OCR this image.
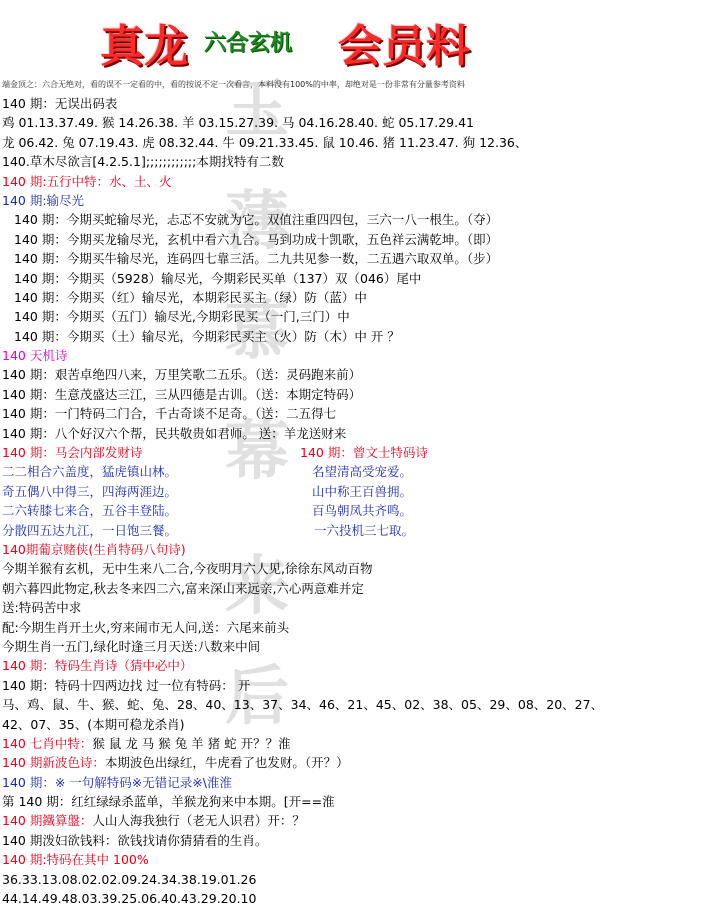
真龙 六合玄机 会员料
玉
薄
慕
幕
来
后
端金顶之：六合无绝对，看的误不一定看的中，看的按说不定一次看言，本料没有100%的中率，却绝对是一份非常有分量参考资料
140 期：无误出码表
鸡 01.13.37.49. 猴 14.26.38. 羊 03.15.27.39. 马 04.16.28.40. 蛇 05.17.29.41
龙 06.42. 兔 07.19.43. 虎 08.32.44. 牛 09.21.33.45. 鼠 10.46. 猪 11.23.47. 狗 12.36、
140.草木尽欲言[4.2.5.1];;;;;;;;;;;;本期找特有二数
140 期:五行中特：水、土、火
140 期:输尽光
140 期：今期买蛇输尽光，忐忑不安就为它。双值注重四四包，三六一八一根生。（夺）
140 期：今期买龙输尽光，玄机中看六九合。马到功成十凯歌，五色祥云满乾坤。（即）
140 期：今期买牛输尽光，连码四七靠三活。二九共见参一数，二五遇六取双单。（步）
140 期：今期买（5928）输尽光，今期彩民买单（137）双（046）尾中
140 期：今期买（红）输尽光，本期彩民买主（绿）防（蓝）中
140 期：今期买（五门）输尽光,今期彩民买（一门,三门）中
140 期：今期买（土）输尽光，今期彩民买主（火）防（木）中 开 ？
140 天机诗
140 期：艰苦卓绝四八来，万里笑歌二五乐。（送：灵码跑来前）
140 期：生意茂盛达三江，三从四德是古训。（送：本期定特码）
140 期：一门特码二门合，千古奇谈不足奇。（送：二五得七
140 期：八个好汉六个帮，民共敬贵如君师。 送：羊龙送财来
140 期：马会内部发财诗	140 期：曾文士特码诗
二二相合六盖度，猛虎镇山林。	名望清高受宠爱。
奇五偶八中得三，四海两涯边。	山中称王百兽拥。
二六转膝七来合，五谷丰登陆。	百鸟朝凤共齐鸣。
分散四五达九江，一日饱三餐。	一六投机三七取。
140期葡京赌侠(生肖特码八句诗)
今期羊猴有玄机，无中生来八二合,今夜明月六人见,徐徐东风动百物
朝六暮四此物定,秋去冬来四二六,富来深山来远亲,六心两意难并定
送:特码苦中求
配:今期生肖开土火,穷来闹市无人问,送：六尾来前头
今期生肖一五门,绿化时逢三月天送:八数来中间
140 期：特码生肖诗（猜中必中）
140 期：特码十四两边找 过一位有特码： 开
马、鸡、鼠、牛、猴、蛇、兔、28、40、13、37、34、46、21、45、02、38、05、29、08、20、27、
42、07、35、(本期可稳龙杀肖)
140 七肖中特：猴 鼠 龙 马 猴 兔 羊 猪 蛇 开？？淮
140 期新波色诗：本期波色出绿红，牛虎看了也发财。（开？）
140 期：※ 一句解特码※无错记录※\淮淮
第 140 期：红红绿绿杀蓝单，羊猴龙狗来中本期。[开==淮
140 期鐵算盤：人山人海我独行（老无人识君）开：？
140 期泼妇欲钱料：欲钱找请你猜猜看的生肖。
140 期:特码在其中 100%
36.33.13.08.02.02.09.24.34.38.19.01.26
44.14.49.48.03.39.25.06.40.43.29.20.10
